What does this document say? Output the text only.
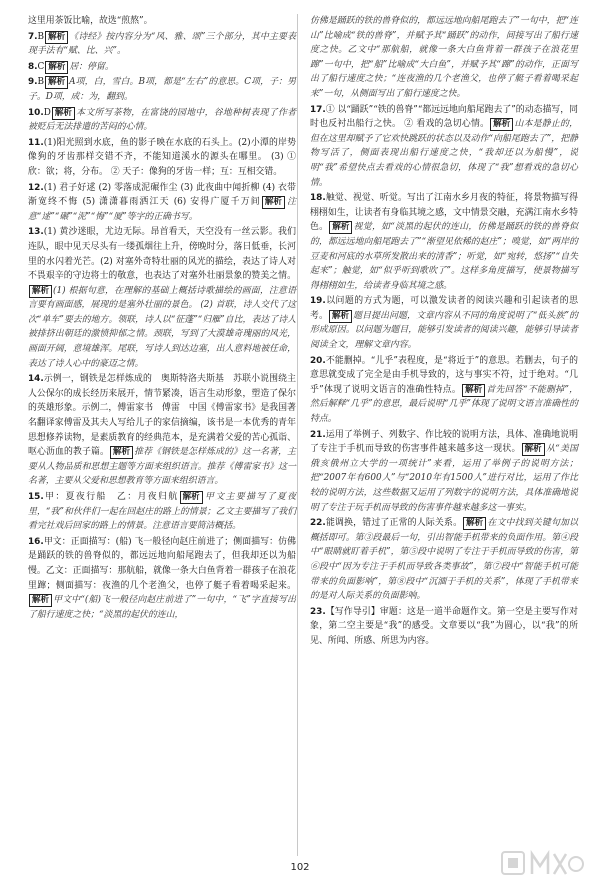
这里用茶饭比喻，故选“煎熬”。
7.B 解析 《诗经》按内容分为“风、雅、颂”三个部分，其中主要表现手法有“赋、比、兴”。
8.C 解析 居：停留。
9.B 解析 A项，白，雪白。B项，都是“左右”的意思。C项，子：男子。D项，成：为，翻到。
10.D 解析 本文所写茶物，在富饶的园地中，谷地种树表现了作者被贬后无法排遣的苦闷的心情。
11.(1)阳光照到水底，鱼的影子映在水底的石头上。(2)小潭的岸势像狗的牙齿那样交错不齐，不能知道溪水的源头在哪里。 (3) ① 欣：欲；将，分布。 ② 天子：像狗的牙齿一样；互：互相交错。
12.(1) 君子好逑 (2) 零落成泥碾作尘 (3) 此夜曲中闻折柳 (4) 衣带渐宽终不悔 (5) 潇潇暮雨洒江天 (6) 安得广厦千万间 解析 注意“逑”“碾”“泥”“悔”“厦”等字的正确书写。
13.(1) 黄沙迷眼，尤边无际。昂首看天，天空没有一丝云影。我们连队，眼中见天尽头有一缕孤烟往上升，傍晚时分，落日低垂，长河里的水闪着光芒。(2) 对塞外奇特壮丽的风光的描绘，表达了诗人对不畏艰辛的守边将士的敬意，也表达了对塞外壮丽景象的赞美之情。解析 (1) 根据句意，在理解的基础上概括诗歌描绘的画面，注意语言要有画面感，展现的是塞外壮丽的景色。 (2) 首联，诗人交代了这次“单车”要去的地方。领联，诗人以“征蓬”“归雁”自比，表达了诗人被排挤出朝廷的激愤抑郁之情。颈联，写到了大漠雄奇瑰丽的风光，画面开阔，意境雄浑。尾联，写诗人到达边塞，出人意料地被任命，表达了诗人心中的豪迈之情。
14.示例一，钢铁是怎样炼成的　奥斯特洛夫斯基　苏联小说围绕主人公保尔的成长经历来展开，情节紧凑，语言生动形象，塑造了保尔的英雄形象。示例二，傅雷家书　傅雷　中国《傅雷家书》是我国著名翻译家傅雷及其夫人写给儿子的家信摘编，该书是一本优秀的青年思想修养读物，是素质教育的经典范本，是充满着父爱的苦心孤诣、呕心沥血的教子篇。 解析 推荐《钢铁是怎样炼成的》这一名著，主要从人物品质和思想主题等方面来组织语言。推荐《傅雷家书》这一名著，主要从父爱和思想教育等方面来组织语言。
15.甲：夏夜行船　乙：月夜归航 解析 甲文主要描写了夏夜里，“我”和伙伴们一起在回赵庄的路上的情景；乙文主要描写了我们看完社戏后回家的路上的情景。注意语言要简洁概括。
16.甲文：正面描写：(船) 飞一般径向赵庄前进了；侧面描写：仿佛是踊跃的铁的兽脊似的，都远远地向船尾跑去了，但我却还以为船慢。乙文：正面描写：那航船，就像一条大白鱼背着一群孩子在浪花里蹿；侧面描写：夜渔的几个老渔父，也停了艇子看着喝采起来。解析 甲文中“(船)飞一般径向赵庄前进了”一句中，“飞”字直接写出了船行速度之快；“淡黑的起伏的连山，
仿佛是踊跃的铁的兽脊似的，都远远地向船尾跑去了”一句中，把“连山”比喻成“铁的兽脊”，并赋予其“踊跃”的动作，间接写出了船行速度之快。乙文中“那航船，就像一条大白鱼背着一群孩子在浪花里蹿”一句中，把“船”比喻成“大白鱼”，并赋予其“蹿”的动作，正面写出了船行速度之快；“连夜渔的几个老渔父，也停了艇子看着喝采起来”一句，从侧面写出了船行速度之快。
17.① 以“踊跃”“铁的兽脊”“都远远地向船尾跑去了”的动态描写，同时也反衬出船行之快。 ② 看戏的急切心情。 解析 山本是静止的，但在这里却赋予了它欢快跳跃的状态以及动作“向船尾跑去了”，把静物写活了，侧面表现出船行速度之快，“我却还以为船慢”，说明“我”希望快点去看戏的心情很急切，体现了“我”想看戏的急切心情。
18.触觉、视觉、听觉。写出了江南水乡月夜的特征，将景物描写得栩栩如生，让读者有身临其境之感，文中情景交融，充满江南水乡特色。 解析 视觉，如“淡黑的起伏的连山，仿佛是踊跃的铁的兽脊似的，都远远地向船尾跑去了”“渐望见依稀的赵庄”；嗅觉，如“两岸的豆麦和河底的水草所发散出来的清香”；听觉，如“宛转，悠扬”“自失起来”；触觉，如“似乎听到歌吹了”。这样多角度描写，使景物描写得栩栩如生，给读者身临其境之感。
19.以问题的方式为题，可以激发读者的阅读兴趣和引起读者的思考。 解析 题目提出问题，文章内容从不同的角度说明了“低头族”的形成原因。以问题为题目，能够引发读者的阅读兴趣，能够引导读者阅读全文，理解文章内容。
20.不能删掉。“儿乎”表程度，是“将近于”的意思。若删去，句子的意思就变成了完全是由手机导致的，这与事实不符，过于绝对。“几乎”体现了说明文语言的准确性特点。 解析 首先回答“不能删掉”，然后解释“几乎”的意思，最后说明“几乎”体现了说明文语言准确性的特点。
21.运用了举例子、列数字、作比较的说明方法，具体、准确地说明了专注于手机而导致的伤害事件越来越多这一现状。 解析 从“美国俄亥俄州立大学的一项统计”来看，运用了举例子的说明方法；把“2007年有600人”与“2010年有1500人”进行对比，运用了作比较的说明方法，这些数据又运用了列数字的说明方法，具体准确地说明了专注于玩手机而导致的伤害事件越来越多这一事实。
22.能调换，错过了正常的人际关系。 解析 在文中找到关键句加以概括即可。第③段最后一句，引出智能手机带来的负面作用。第④段中“眼睛就盯着手机”，第⑤段中说明了专注于手机而导致的伤害，第⑥段中“因为专注于手机而导致各类事故”，第⑦段中“智能手机可能带来的负面影响”，第⑧段中“沉湎于手机的关系”，体现了手机带来的是对人际关系的负面影响。
23.【写作导引】审题：这是一道半命题作文。第一空是主要写作对象，第二空主要是“我”的感受。文章要以“我”为圆心，以“我”的所见、所闻、所感、所思为内容。
102
